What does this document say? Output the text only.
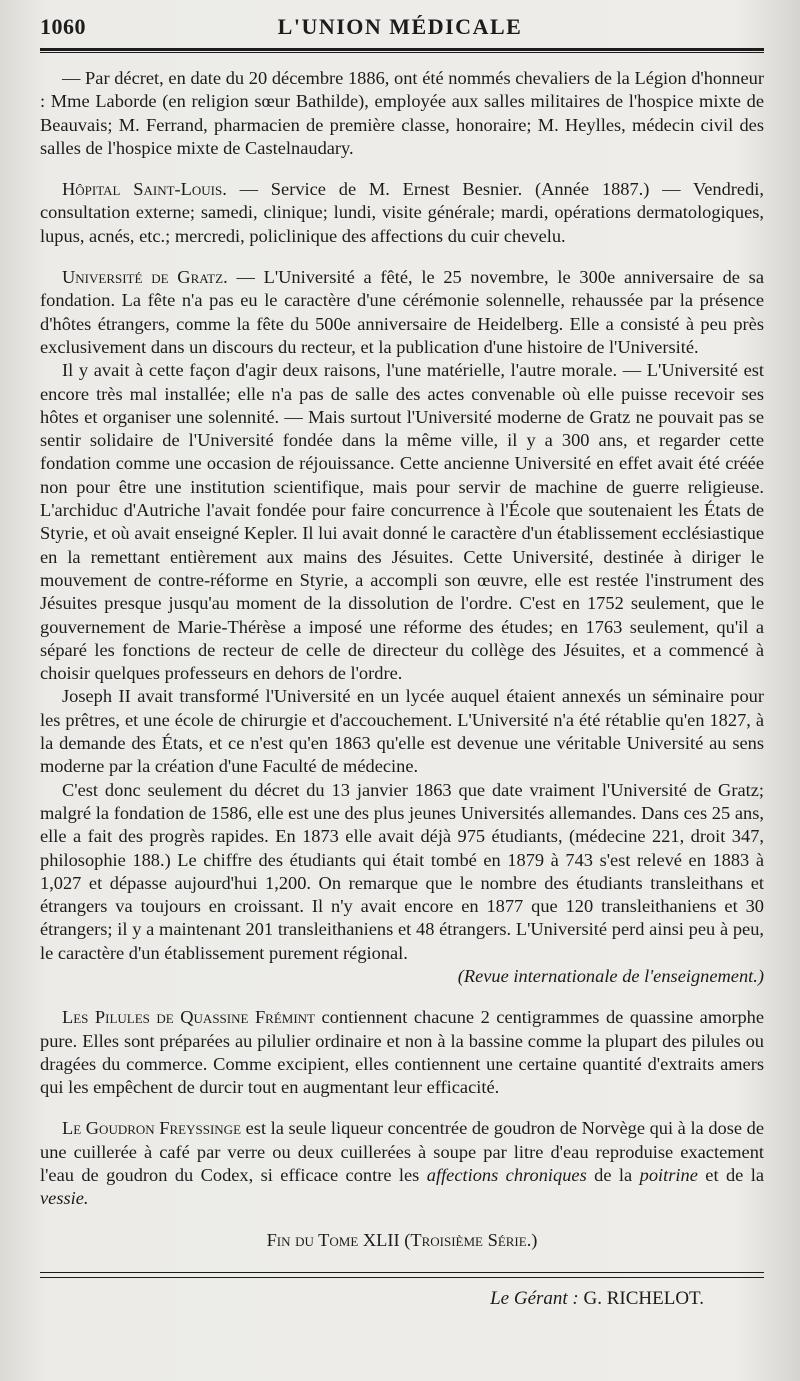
1060	L'UNION MÉDICALE

— Par décret, en date du 20 décembre 1886, ont été nommés chevaliers de la Légion d'honneur : Mme Laborde (en religion sœur Bathilde), employée aux salles militaires de l'hospice mixte de Beauvais; M. Ferrand, pharmacien de première classe, honoraire; M. Heylles, médecin civil des salles de l'hospice mixte de Castelnaudary.

Hôpital Saint-Louis. — Service de M. Ernest Besnier. (Année 1887.) — Vendredi, consultation externe; samedi, clinique; lundi, visite générale; mardi, opérations dermatologiques, lupus, acnés, etc.; mercredi, policlinique des affections du cuir chevelu.

Université de Gratz. — L'Université a fêté, le 25 novembre, le 300e anniversaire de sa fondation. La fête n'a pas eu le caractère d'une cérémonie solennelle, rehaussée par la présence d'hôtes étrangers, comme la fête du 500e anniversaire de Heidelberg. Elle a consisté à peu près exclusivement dans un discours du recteur, et la publication d'une histoire de l'Université.

Il y avait à cette façon d'agir deux raisons, l'une matérielle, l'autre morale. — L'Université est encore très mal installée; elle n'a pas de salle des actes convenable où elle puisse recevoir ses hôtes et organiser une solennité. — Mais surtout l'Université moderne de Gratz ne pouvait pas se sentir solidaire de l'Université fondée dans la même ville, il y a 300 ans, et regarder cette fondation comme une occasion de réjouissance. Cette ancienne Université en effet avait été créée non pour être une institution scientifique, mais pour servir de machine de guerre religieuse. L'archiduc d'Autriche l'avait fondée pour faire concurrence à l'École que soutenaient les États de Styrie, et où avait enseigné Kepler. Il lui avait donné le caractère d'un établissement ecclésiastique en la remettant entièrement aux mains des Jésuites. Cette Université, destinée à diriger le mouvement de contre-réforme en Styrie, a accompli son œuvre, elle est restée l'instrument des Jésuites presque jusqu'au moment de la dissolution de l'ordre. C'est en 1752 seulement, que le gouvernement de Marie-Thérèse a imposé une réforme des études; en 1763 seulement, qu'il a séparé les fonctions de recteur de celle de directeur du collège des Jésuites, et a commencé à choisir quelques professeurs en dehors de l'ordre.

Joseph II avait transformé l'Université en un lycée auquel étaient annexés un séminaire pour les prêtres, et une école de chirurgie et d'accouchement. L'Université n'a été rétablie qu'en 1827, à la demande des États, et ce n'est qu'en 1863 qu'elle est devenue une véritable Université au sens moderne par la création d'une Faculté de médecine.

C'est donc seulement du décret du 13 janvier 1863 que date vraiment l'Université de Gratz; malgré la fondation de 1586, elle est une des plus jeunes Universités allemandes. Dans ces 25 ans, elle a fait des progrès rapides. En 1873 elle avait déjà 975 étudiants, (médecine 221, droit 347, philosophie 188.) Le chiffre des étudiants qui était tombé en 1879 à 743 s'est relevé en 1883 à 1,027 et dépasse aujourd'hui 1,200. On remarque que le nombre des étudiants transleithans et étrangers va toujours en croissant. Il n'y avait encore en 1877 que 120 transleithaniens et 30 étrangers; il y a maintenant 201 transleithaniens et 48 étrangers. L'Université perd ainsi peu à peu, le caractère d'un établissement purement régional.

(Revue internationale de l'enseignement.)

Les Pilules de Quassine Frémint contiennent chacune 2 centigrammes de quassine amorphe pure. Elles sont préparées au pilulier ordinaire et non à la bassine comme la plupart des pilules ou dragées du commerce. Comme excipient, elles contiennent une certaine quantité d'extraits amers qui les empêchent de durcir tout en augmentant leur efficacité.

Le Goudron Freyssinge est la seule liqueur concentrée de goudron de Norvège qui à la dose de une cuillerée à café par verre ou deux cuillerées à soupe par litre d'eau reproduise exactement l'eau de goudron du Codex, si efficace contre les affections chroniques de la poitrine et de la vessie.

Fin du Tome XLII (Troisième Série.)

Le Gérant : G. RICHELOT.
